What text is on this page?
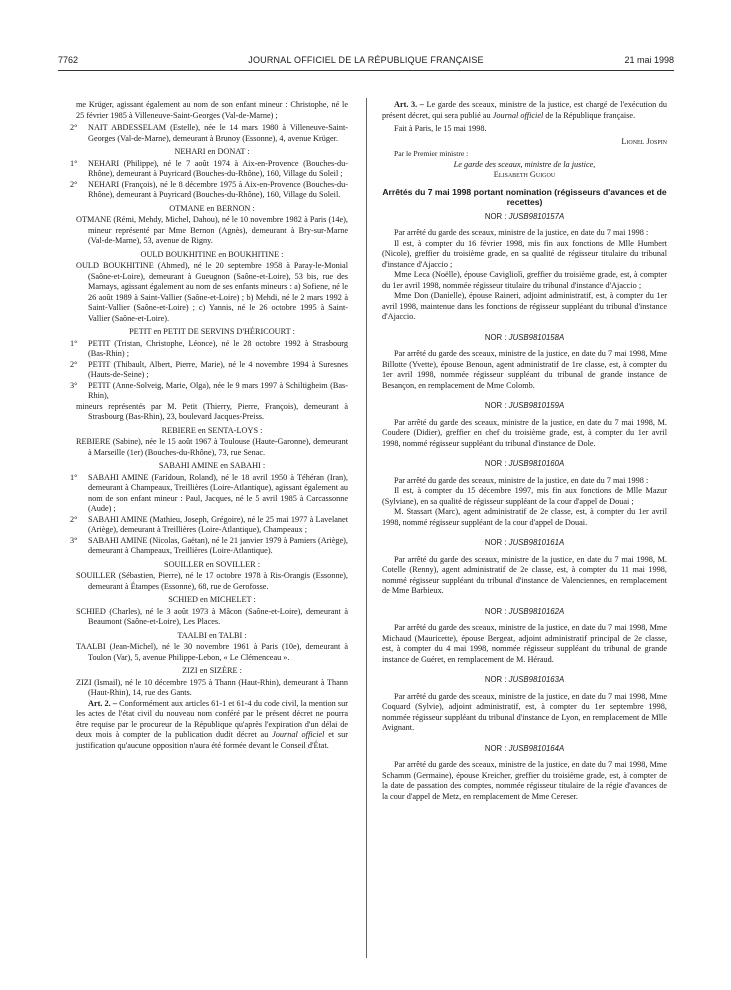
7762	JOURNAL OFFICIEL DE LA RÉPUBLIQUE FRANÇAISE	21 mai 1998

me Krüger, agissant également au nom de son enfant mineur : Christophe, né le 25 février 1985 à Villeneuve-Saint-Georges (Val-de-Marne) ;

2° NAIT ABDESSELAM (Estelle), née le 14 mars 1980 à Villeneuve-Saint-Georges (Val-de-Marne), demeurant à Brunoy (Essonne), 4, avenue Krüger.

NEHARI en DONAT :

1° NEHARI (Philippe), né le 7 août 1974 à Aix-en-Provence (Bouches-du-Rhône), demeurant à Puyricard (Bouches-du-Rhône), 160, Village du Soleil ;

2° NEHARI (François), né le 8 décembre 1975 à Aix-en-Provence (Bouches-du-Rhône), demeurant à Puyricard (Bouches-du-Rhône), 160, Village du Soleil.

OTMANE en BERNON :

OTMANE (Rémi, Mehdy, Michel, Dahou), né le 10 novembre 1982 à Paris (14e), mineur représenté par Mme Bernon (Agnès), demeurant à Bry-sur-Marne (Val-de-Marne), 53, avenue de Rigny.

OULD BOUKHITINE en BOUKHITINE :

OULD BOUKHITINE (Ahmed), né le 20 septembre 1958 à Paray-le-Monial (Saône-et-Loire), demeurant à Gueugnon (Saône-et-Loire), 53 bis, rue des Marnays, agissant également au nom de ses enfants mineurs : a) Sofiene, né le 26 août 1989 à Saint-Vallier (Saône-et-Loire) ; b) Mehdi, né le 2 mars 1992 à Saint-Vallier (Saône-et-Loire) ; c) Yannis, né le 26 octobre 1995 à Saint-Vallier (Saône-et-Loire).

PETIT en PETIT DE SERVINS D'HÉRICOURT :

1° PETIT (Tristan, Christophe, Léonce), né le 28 octobre 1992 à Strasbourg (Bas-Rhin) ;

2° PETIT (Thibault, Albert, Pierre, Marie), né le 4 novembre 1994 à Suresnes (Hauts-de-Seine) ;

3° PETIT (Anne-Solveig, Marie, Olga), née le 9 mars 1997 à Schiltigheim (Bas-Rhin),

mineurs représentés par M. Petit (Thierry, Pierre, François), demeurant à Strasbourg (Bas-Rhin), 23, boulevard Jacques-Preiss.

REBIERE en SENTA-LOYS :

REBIERE (Sabine), née le 15 août 1967 à Toulouse (Haute-Garonne), demeurant à Marseille (1er) (Bouches-du-Rhône), 73, rue Senac.

SABAHI AMINE en SABAHI :

1° SABAHI AMINE (Farídoun, Roland), né le 18 avril 1950 à Téhéran (Iran), demeurant à Champeaux, Treillières (Loire-Atlantique), agissant également au nom de son enfant mineur : Paul, Jacques, né le 5 avril 1985 à Carcassonne (Aude) ;

2° SABAHI AMINE (Mathieu, Joseph, Grégoire), né le 25 mai 1977 à Lavelanet (Ariège), demeurant à Treillières (Loire-Atlantique), Champeaux ;

3° SABAHI AMINE (Nicolas, Gaëtan), né le 21 janvier 1979 à Pamiers (Ariège), demeurant à Champeaux, Treillières (Loire-Atlantique).

SOUILLER en SOVILLER :

SOUILLER (Sébastien, Pierre), né le 17 octobre 1978 à Ris-Orangis (Essonne), demeurant à Étampes (Essonne), 68, rue de Gerofosse.

SCHIED en MICHELET :

SCHIED (Charles), né le 3 août 1973 à Mâcon (Saône-et-Loire), demeurant à Beaumont (Saône-et-Loire), Les Places.

TAALBI en TALBI :

TAALBI (Jean-Michel), né le 30 novembre 1961 à Paris (10e), demeurant à Toulon (Var), 5, avenue Philippe-Lebon, « Le Clémenceau ».

ZIZI en SIZÈRE :

ZIZI (Ismail), né le 10 décembre 1975 à Thann (Haut-Rhin), demeurant à Thann (Haut-Rhin), 14, rue des Gants.

Art. 2. – Conformément aux articles 61-1 et 61-4 du code civil, la mention sur les actes de l'état civil du nouveau nom conféré par le présent décret ne pourra être requise par le procureur de la République qu'après l'expiration d'un délai de deux mois à compter de la publication dudit décret au Journal officiel et sur justification qu'aucune opposition n'aura été formée devant le Conseil d'État.

Art. 3. – Le garde des sceaux, ministre de la justice, est chargé de l'exécution du présent décret, qui sera publié au Journal officiel de la République française.

Fait à Paris, le 15 mai 1998.

Lionel Jospin

Par le Premier ministre :

Le garde des sceaux, ministre de la justice,

Elisabeth Guigou

Arrêtés du 7 mai 1998 portant nomination (régisseurs d'avances et de recettes)

NOR : JUSB9810157A

Par arrêté du garde des sceaux, ministre de la justice, en date du 7 mai 1998 :

Il est, à compter du 16 février 1998, mis fin aux fonctions de Mlle Humbert (Nicole), greffier du troisième grade, en sa qualité de régisseur titulaire du tribunal d'instance d'Ajaccio ;

Mme Leca (Noëlle), épouse Cavigliolì, greffier du troisième grade, est, à compter du 1er avril 1998, nommée régisseur titulaire du tribunal d'instance d'Ajaccio ;

Mme Don (Danielle), épouse Raineri, adjoint administratif, est, à compter du 1er avril 1998, maintenue dans les fonctions de régisseur suppléant du tribunal d'instance d'Ajaccio.

NOR : JUSB9810158A

Par arrêté du garde des sceaux, ministre de la justice, en date du 7 mai 1998, Mme Billotte (Yvette), épouse Benoun, agent administratif de 1re classe, est, à compter du 1er avril 1998, nommée régisseur suppléant du tribunal de grande instance de Besançon, en remplacement de Mme Colomb.

NOR : JUSB9810159A

Par arrêté du garde des sceaux, ministre de la justice, en date du 7 mai 1998, M. Coudere (Didier), greffier en chef du troisième grade, est, à compter du 1er avril 1998, nommé régisseur suppléant du tribunal d'instance de Dole.

NOR : JUSB9810160A

Par arrêté du garde des sceaux, ministre de la justice, en date du 7 mai 1998 :

Il est, à compter du 15 décembre 1997, mis fin aux fonctions de Mlle Mazur (Sylviane), en sa qualité de régisseur suppléant de la cour d'appel de Douai ;

M. Stassart (Marc), agent administratif de 2e classe, est, à compter du 1er avril 1998, nommé régisseur suppléant de la cour d'appel de Douai.

NOR : JUSB9810161A

Par arrêté du garde des sceaux, ministre de la justice, en date du 7 mai 1998, M. Cotelle (Renny), agent administratif de 2e classe, est, à compter du 11 mai 1998, nommé régisseur suppléant du tribunal d'instance de Valenciennes, en remplacement de Mme Barbieux.

NOR : JUSB9810162A

Par arrêté du garde des sceaux, ministre de la justice, en date du 7 mai 1998, Mme Michaud (Mauricette), épouse Bergeat, adjoint administratif principal de 2e classe, est, à compter du 4 mai 1998, nommée régisseur suppléant du tribunal de grande instance de Guéret, en remplacement de M. Héraud.

NOR : JUSB9810163A

Par arrêté du garde des sceaux, ministre de la justice, en date du 7 mai 1998, Mme Coquard (Sylvie), adjoint administratif, est, à compter du 1er septembre 1998, nommée régisseur suppléant du tribunal d'instance de Lyon, en remplacement de Mlle Avignant.

NOR : JUSB9810164A

Par arrêté du garde des sceaux, ministre de la justice, en date du 7 mai 1998, Mme Schamm (Germaine), épouse Kreicher, greffier du troisième grade, est, à compter de la date de passation des comptes, nommée régisseur titulaire de la régie d'avances de la cour d'appel de Metz, en remplacement de Mme Cereser.
